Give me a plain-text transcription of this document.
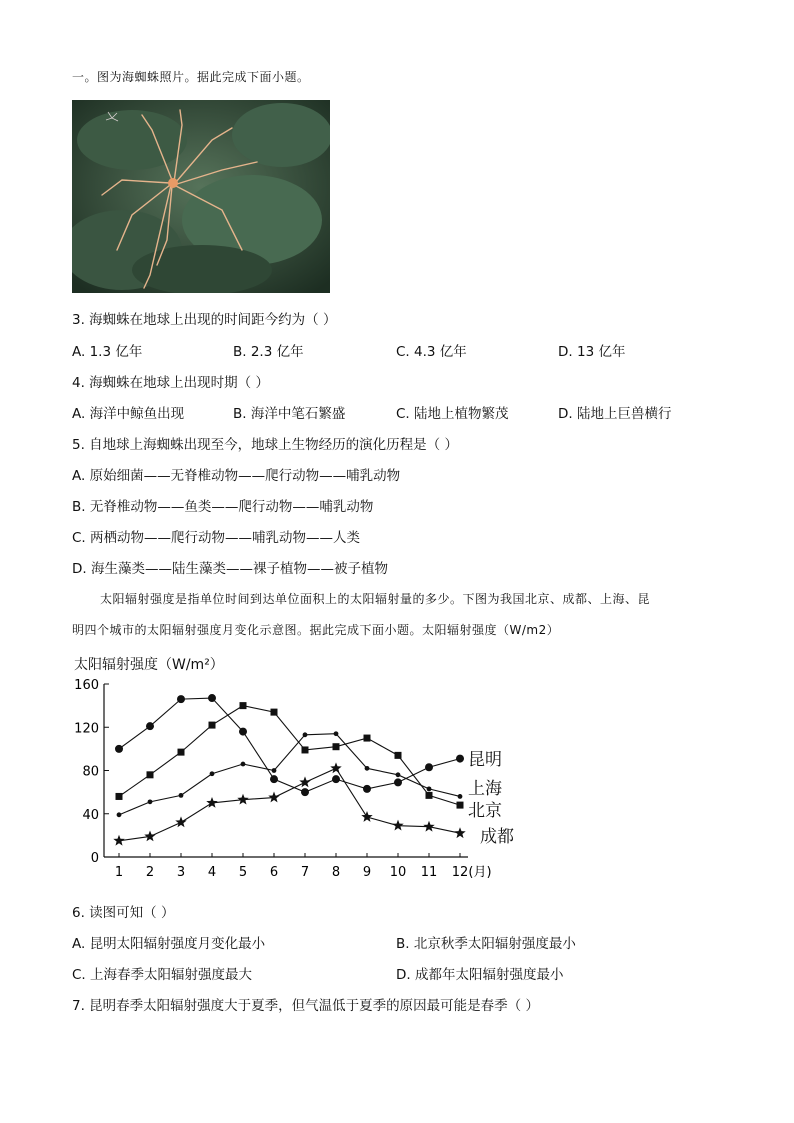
一。图为海蜘蛛照片。据此完成下面小题。
3. 海蜘蛛在地球上出现的时间距今约为（ ）
A. 1.3 亿年	B. 2.3 亿年	C. 4.3 亿年	D. 13 亿年
4. 海蜘蛛在地球上出现时期（ ）
A. 海洋中鲸鱼出现	B. 海洋中笔石繁盛	C. 陆地上植物繁茂	D. 陆地上巨兽横行
5. 自地球上海蜘蛛出现至今，地球上生物经历的演化历程是（ ）
A. 原始细菌——无脊椎动物——爬行动物——哺乳动物
B. 无脊椎动物——鱼类——爬行动物——哺乳动物
C. 两栖动物——爬行动物——哺乳动物——人类
D. 海生藻类——陆生藻类——裸子植物——被子植物
太阳辐射强度是指单位时间到达单位面积上的太阳辐射量的多少。下图为我国北京、成都、上海、昆
明四个城市的太阳辐射强度月变化示意图。据此完成下面小题。太阳辐射强度（W/m2）
太阳辐射强度（W/m²）
0
40
80
120
160
1 2 3 4 5 6 7 8 9 10 11 12 (月)
昆明
北京
上海
成都
6. 读图可知（ ）
A. 昆明太阳辐射强度月变化最小	B. 北京秋季太阳辐射强度最小
C. 上海春季太阳辐射强度最大	D. 成都年太阳辐射强度最小
7. 昆明春季太阳辐射强度大于夏季，但气温低于夏季的原因最可能是春季（ ）
